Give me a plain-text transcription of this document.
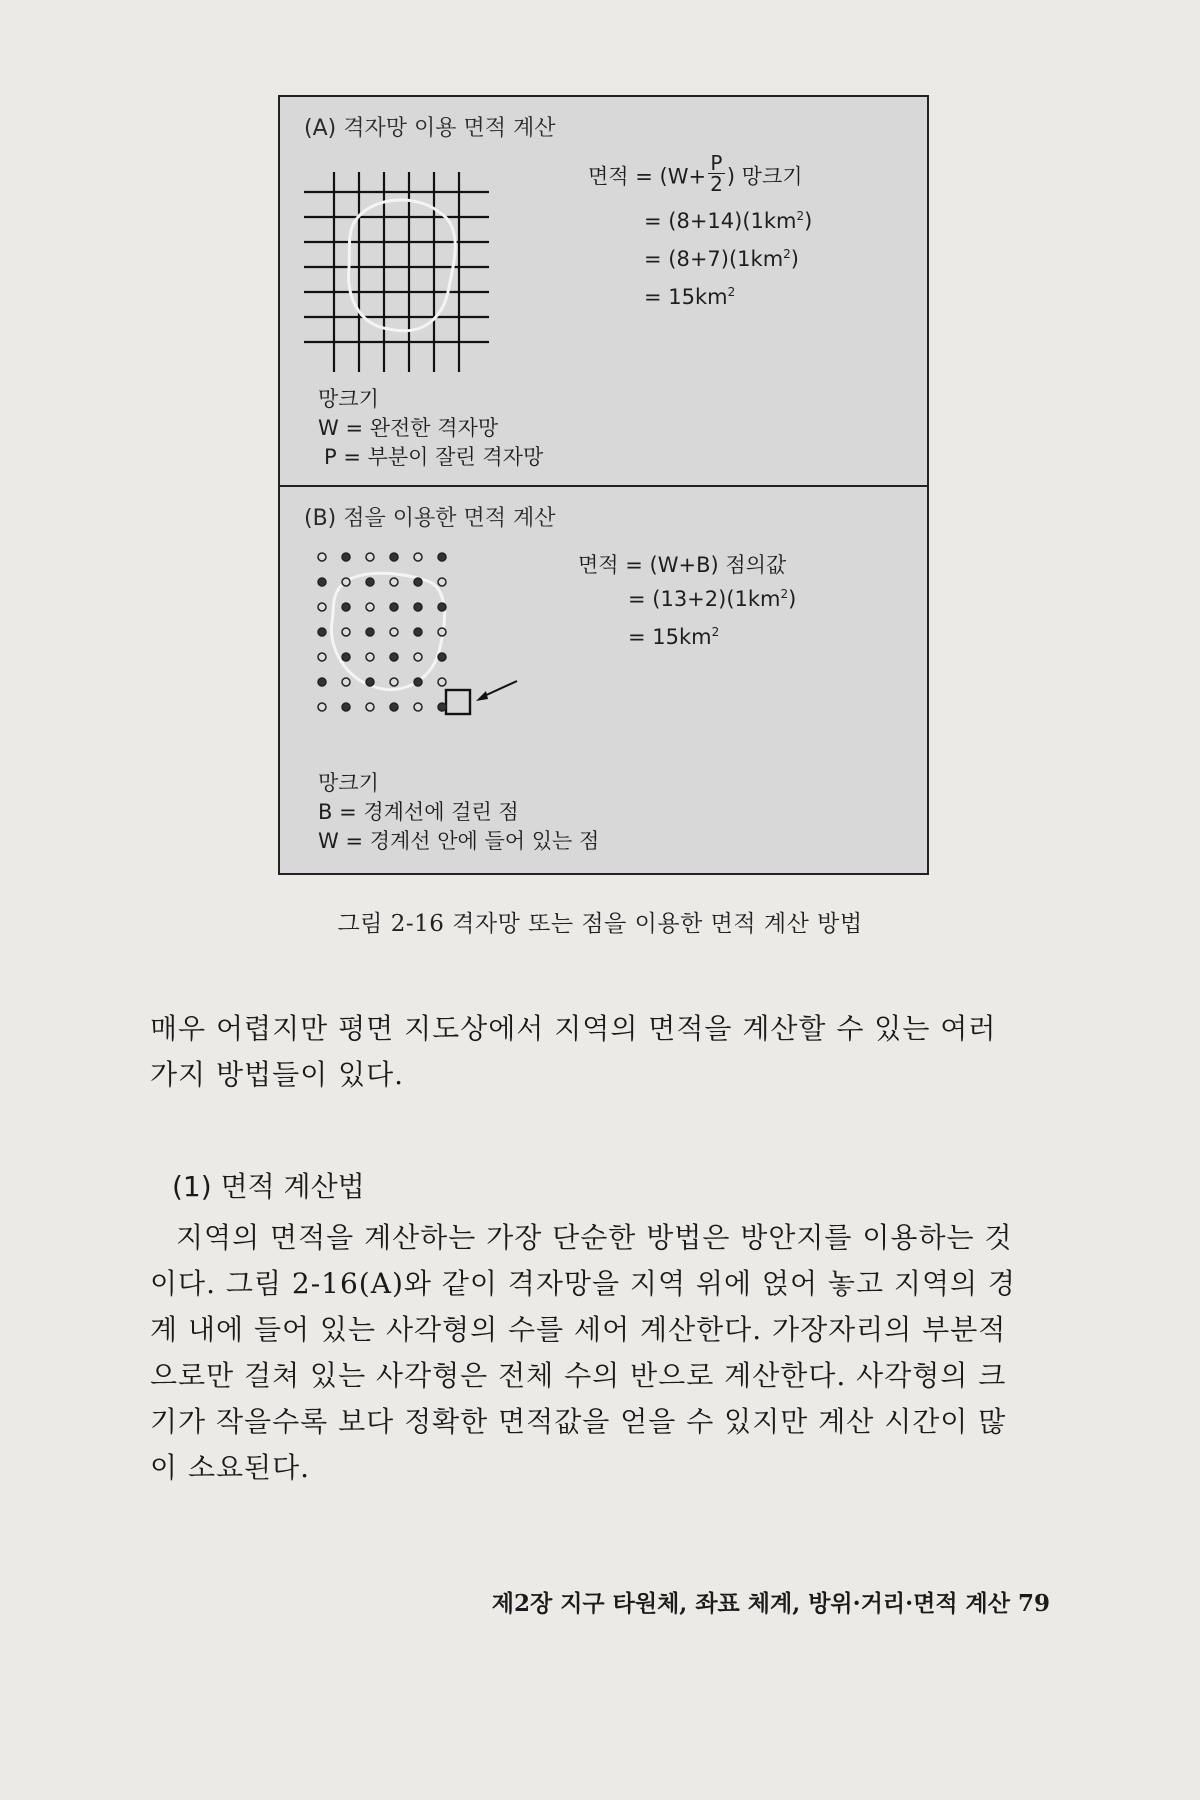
(A) 격자망 이용 면적 계산
면적 = ($W+ \frac{P}{2}$ ) 망크기
= $(8+14)(1km^2)$
= $(8+7)(1km^2)$
= $15km^2$
망크기
W = 완전한 격자망
P = 부분이 잘린 격자망
(B) 점을 이용한 면적 계산
면적 = (W+B) 점의값
= $(13+2)(1km^2)$
= $15km^2$
망크기
B = 경계선에 걸린 점
W = 경계선 안에 들어 있는 점
그림 2-16 격자망 또는 점을 이용한 면적 계산 방법
매우 어렵지만 평면 지도상에서 지역의 면적을 계산할 수 있는 여러
가지 방법들이 있다.
(1) 면적 계산법
지역의 면적을 계산하는 가장 단순한 방법은 방안지를 이용하는 것
이다. 그림 2-16(A)와 같이 격자망을 지역 위에 얹어 놓고 지역의 경
계 내에 들어 있는 사각형의 수를 세어 계산한다. 가장자리의 부분적
으로만 걸쳐 있는 사각형은 전체 수의 반으로 계산한다. 사각형의 크
기가 작을수록 보다 정확한 면적값을 얻을 수 있지만 계산 시간이 많
이 소요된다.
제2장 지구 타원체, 좌표 체계, 방위·거리·면적 계산 79
